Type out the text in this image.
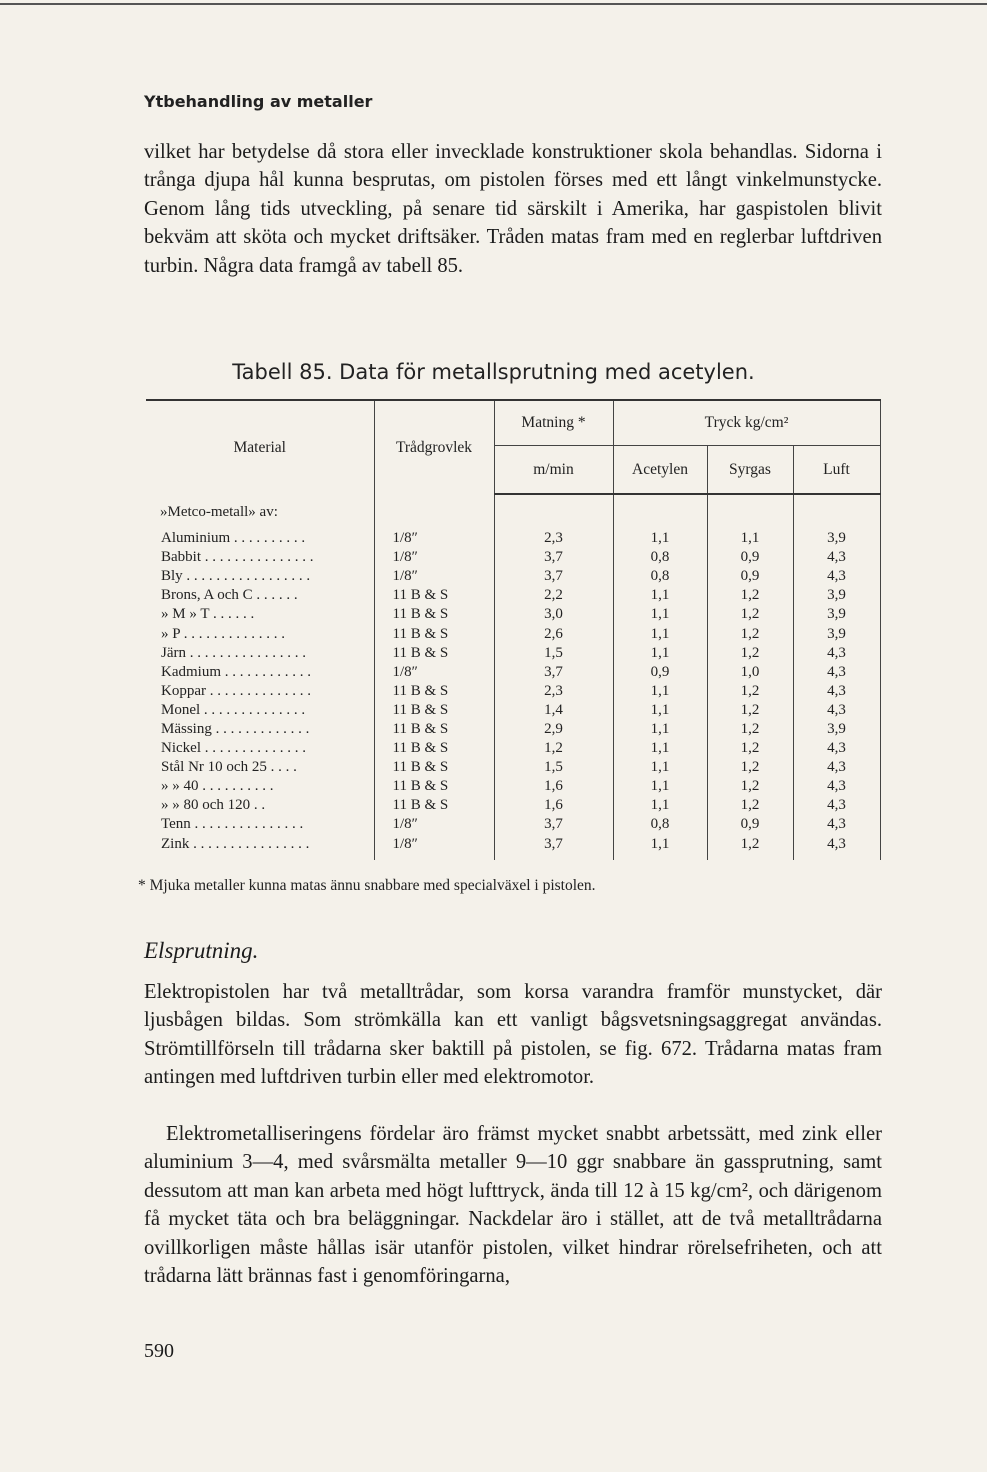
Ytbehandling av metaller

vilket har betydelse då stora eller invecklade konstruktioner skola behandlas. Sidorna i trånga djupa hål kunna besprutas, om pistolen förses med ett långt vinkelmunstycke. Genom lång tids utveckling, på senare tid särskilt i Amerika, har gaspistolen blivit bekväm att sköta och mycket driftsäker. Tråden matas fram med en reglerbar luftdriven turbin. Några data framgå av tabell 85.

Tabell 85. Data för metallsprutning med acetylen.
Material	Trådgrovlek	Matning *	Tryck kg/cm²		
		m/min	Acetylen	Syrgas	Luft
»Metco-metall» av:					

Aluminium . . . . . . . . . .	1/8″	2,3	1,1	1,1	3,9
Babbit . . . . . . . . . . . . . . .	1/8″	3,7	0,8	0,9	4,3
Bly . . . . . . . . . . . . . . . . .	1/8″	3,7	0,8	0,9	4,3
Brons, A och C . . . . . .	11 B & S	2,2	1,1	1,2	3,9
» M » T . . . . . .	11 B & S	3,0	1,1	1,2	3,9
» P . . . . . . . . . . . . . .	11 B & S	2,6	1,1	1,2	3,9
Järn . . . . . . . . . . . . . . . .	11 B & S	1,5	1,1	1,2	4,3
Kadmium . . . . . . . . . . . .	1/8″	3,7	0,9	1,0	4,3
Koppar . . . . . . . . . . . . . .	11 B & S	2,3	1,1	1,2	4,3
Monel . . . . . . . . . . . . . .	11 B & S	1,4	1,1	1,2	4,3
Mässing . . . . . . . . . . . . .	11 B & S	2,9	1,1	1,2	3,9
Nickel . . . . . . . . . . . . . .	11 B & S	1,2	1,1	1,2	4,3
Stål Nr 10 och 25 . . . .	11 B & S	1,5	1,1	1,2	4,3
» » 40 . . . . . . . . . .	11 B & S	1,6	1,1	1,2	4,3
» » 80 och 120 . .	11 B & S	1,6	1,1	1,2	4,3
Tenn . . . . . . . . . . . . . . .	1/8″	3,7	0,8	0,9	4,3
Zink . . . . . . . . . . . . . . . .	1/8″	3,7	1,1	1,2	4,3
* Mjuka metaller kunna matas ännu snabbare med specialväxel i pistolen.
Elsprutning.

Elektropistolen har två metalltrådar, som korsa varandra framför munstycket, där ljusbågen bildas. Som strömkälla kan ett vanligt bågsvetsningsaggregat användas. Strömtillförseln till trådarna sker baktill på pistolen, se fig. 672. Trådarna matas fram antingen med luftdriven turbin eller med elektromotor.

Elektrometalliseringens fördelar äro främst mycket snabbt arbetssätt, med zink eller aluminium 3—4, med svårsmälta metaller 9—10 ggr snabbare än gassprutning, samt dessutom att man kan arbeta med högt lufttryck, ända till 12 à 15 kg/cm², och därigenom få mycket täta och bra beläggningar. Nackdelar äro i stället, att de två metalltrådarna ovillkorligen måste hållas isär utanför pistolen, vilket hindrar rörelsefriheten, och att trådarna lätt brännas fast i genomföringarna,

590
